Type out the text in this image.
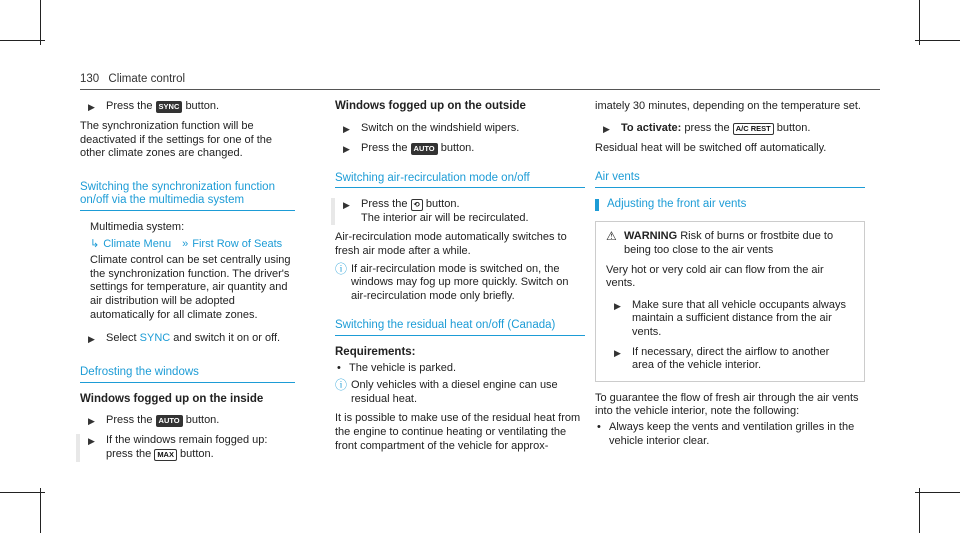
130 Climate control
▶	Press the SYNC button.

The synchronization function will be deactivated if the settings for one of the other climate zones are changed.

Switching the synchronization function on/off via the multimedia system

Multimedia system:

↳ Climate Menu » First Row of Seats

Climate control can be set centrally using the synchronization function. The driver's settings for temperature, air quantity and air distribution will be adopted automatically for all climate zones.

▶	Select SYNC and switch it on or off.
Defrosting the windows
Windows fogged up on the inside
▶	Press the AUTO button.
▶	If the windows remain fogged up: press the MAX button.
Windows fogged up on the outside
▶	Switch on the windshield wipers.
▶	Press the AUTO button.
Switching air-recirculation mode on/off
▶	Press the ⟲ button.
The interior air will be recirculated.

Air-recirculation mode automatically switches to fresh air mode after a while.

ⓘ If air-recirculation mode is switched on, the windows may fog up more quickly. Switch on air-recirculation mode only briefly.
Switching the residual heat on/off (Canada)
Requirements:
• The vehicle is parked.
ⓘ Only vehicles with a diesel engine can use residual heat.

It is possible to make use of the residual heat from the engine to continue heating or ventilating the front compartment of the vehicle for approx-

imately 30 minutes, depending on the temperature set.

▶	To activate: press the A/C REST button.

Residual heat will be switched off automatically.

Air vents
Adjusting the front air vents
⚠ WARNING Risk of burns or frostbite due to being too close to the air vents

Very hot or very cold air can flow from the air vents.

▶	Make sure that all vehicle occupants always maintain a sufficient distance from the air vents.
▶	If necessary, direct the airflow to another area of the vehicle interior.

To guarantee the flow of fresh air through the air vents into the vehicle interior, note the following:

• Always keep the vents and ventilation grilles in the vehicle interior clear.
